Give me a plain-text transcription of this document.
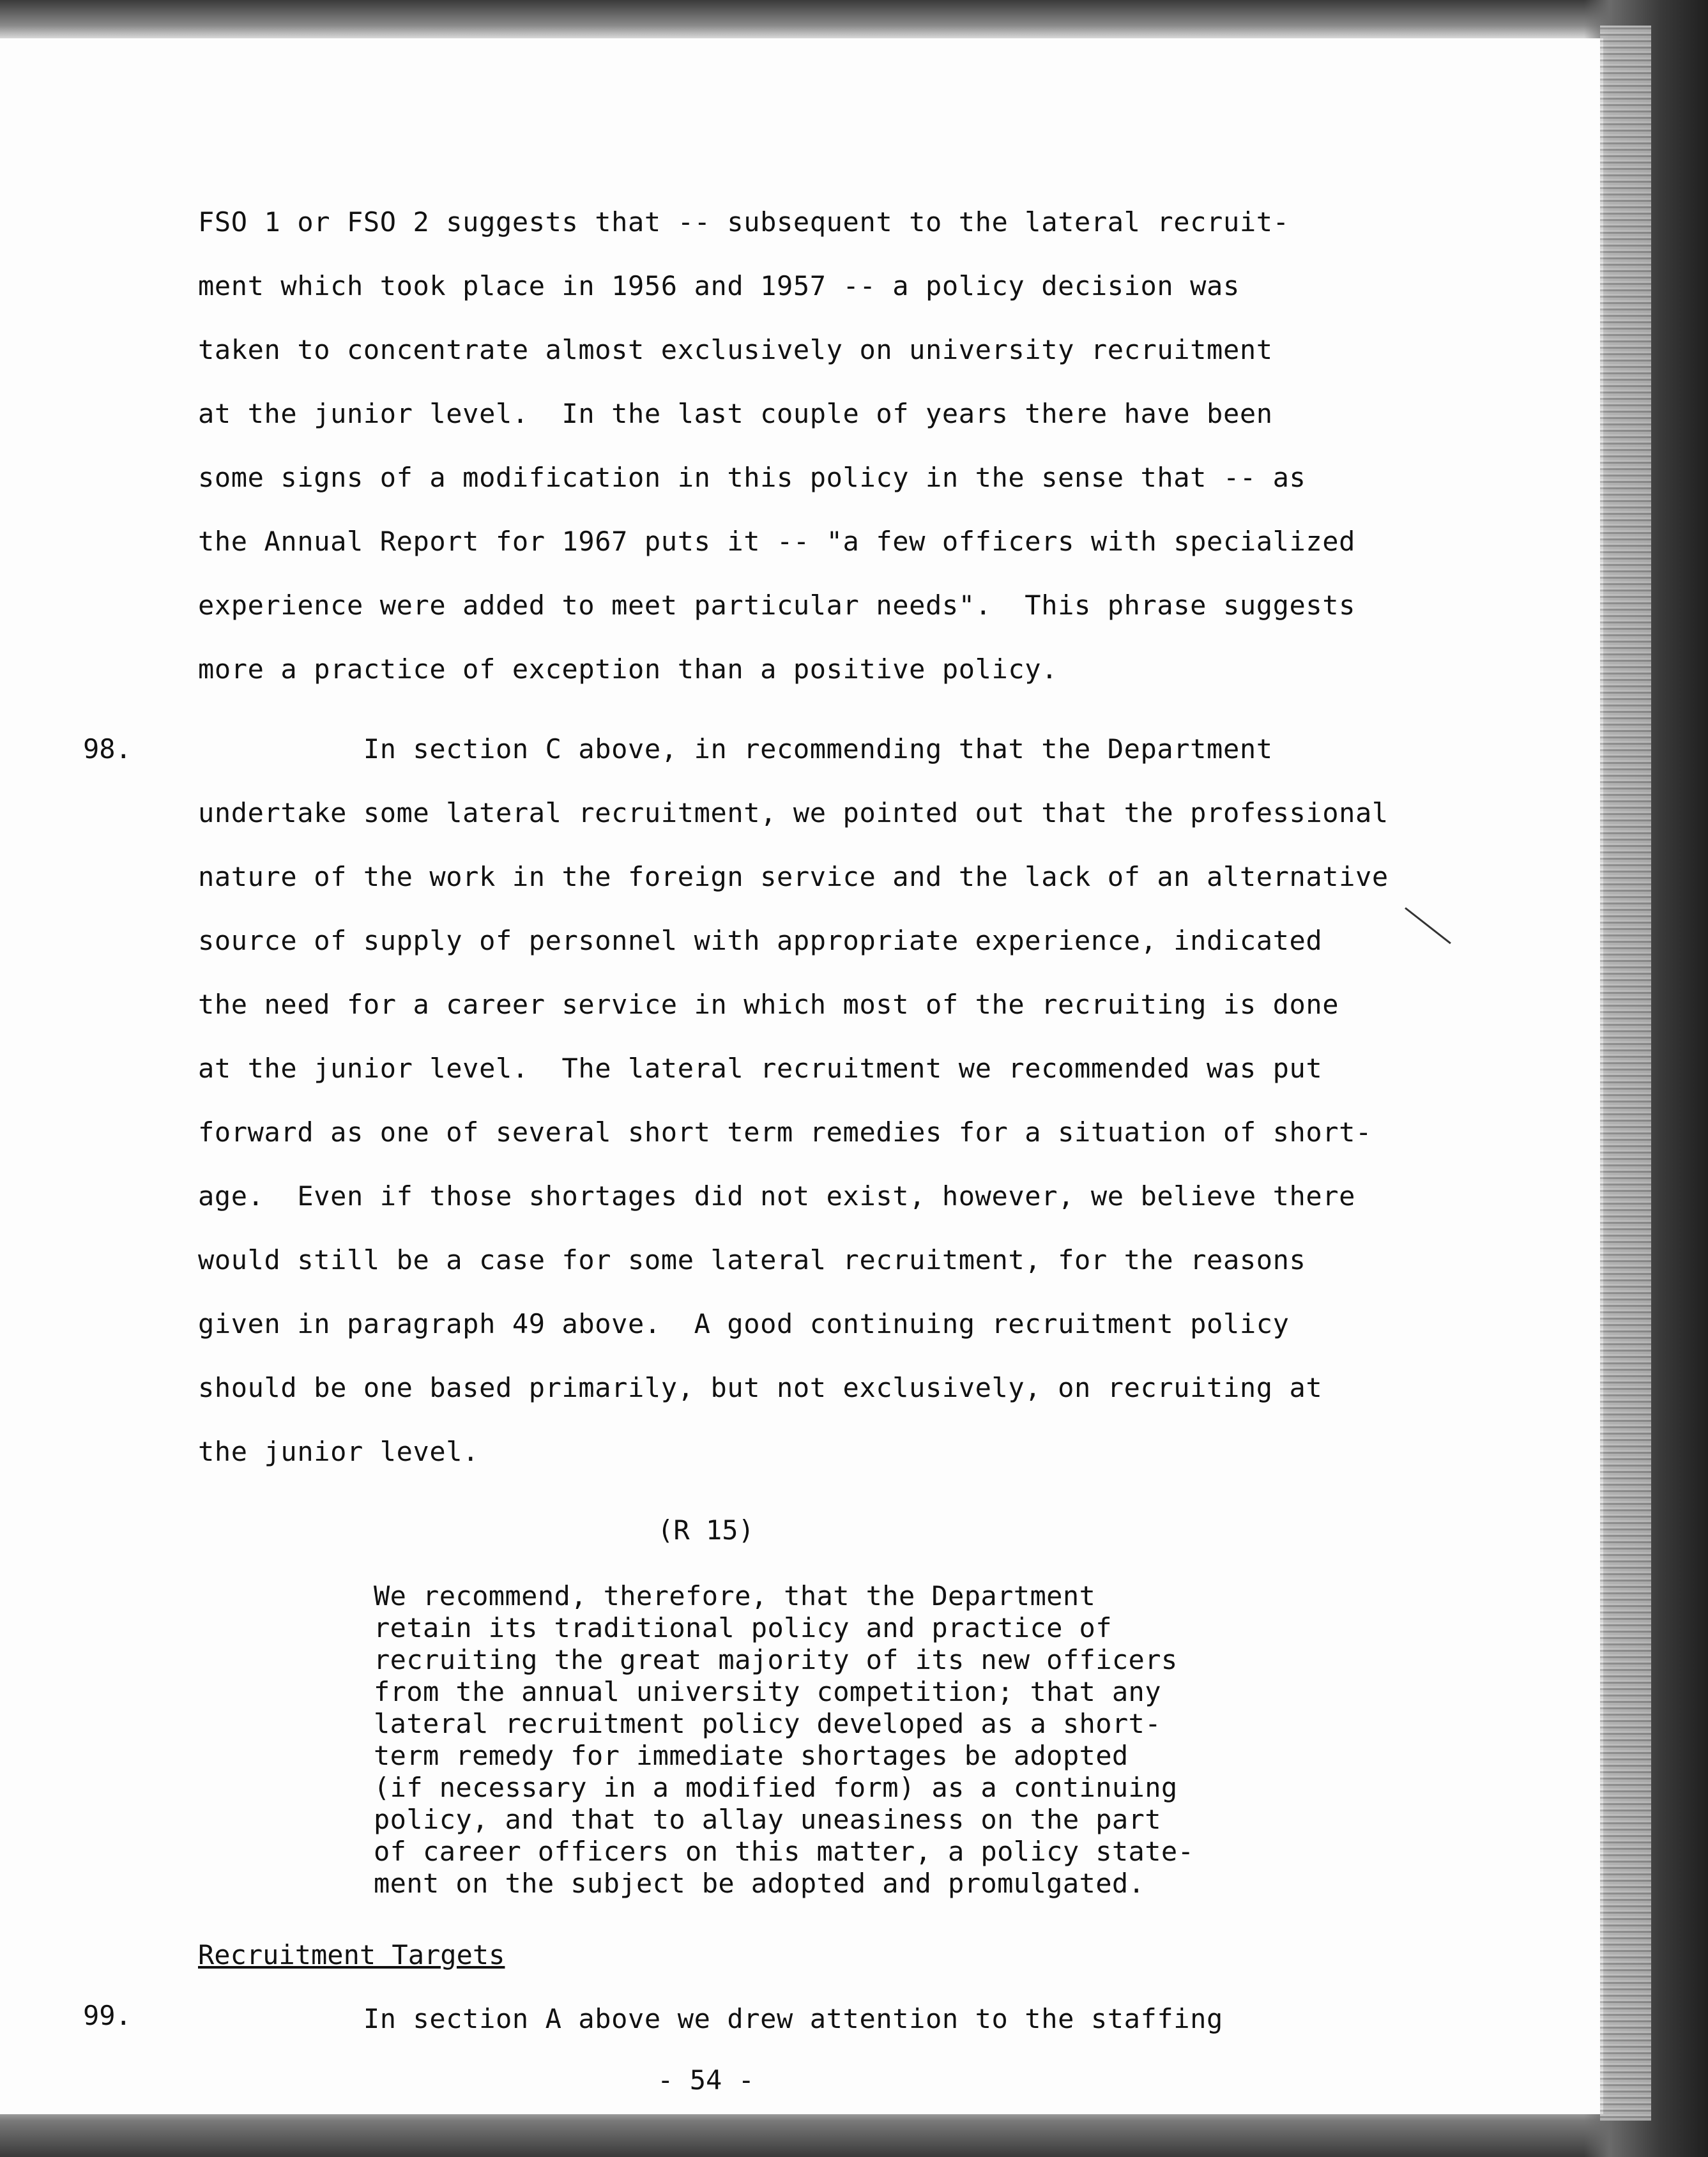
FSO 1 or FSO 2 suggests that -- subsequent to the lateral recruit-
ment which took place in 1956 and 1957 -- a policy decision was
taken to concentrate almost exclusively on university recruitment
at the junior level.  In the last couple of years there have been
some signs of a modification in this policy in the sense that -- as
the Annual Report for 1967 puts it -- "a few officers with specialized
experience were added to meet particular needs".  This phrase suggests
more a practice of exception than a positive policy.
98. In section C above, in recommending that the Department
undertake some lateral recruitment, we pointed out that the professional
nature of the work in the foreign service and the lack of an alternative
source of supply of personnel with appropriate experience, indicated
the need for a career service in which most of the recruiting is done
at the junior level.  The lateral recruitment we recommended was put
forward as one of several short term remedies for a situation of short-
age.  Even if those shortages did not exist, however, we believe there
would still be a case for some lateral recruitment, for the reasons
given in paragraph 49 above.  A good continuing recruitment policy
should be one based primarily, but not exclusively, on recruiting at
the junior level.
(R 15)
We recommend, therefore, that the Department
retain its traditional policy and practice of
recruiting the great majority of its new officers
from the annual university competition; that any
lateral recruitment policy developed as a short-
term remedy for immediate shortages be adopted
(if necessary in a modified form) as a continuing
policy, and that to allay uneasiness on the part
of career officers on this matter, a policy state-
ment on the subject be adopted and promulgated.
Recruitment Targets
99. In section A above we drew attention to the staffing
- 54 -
